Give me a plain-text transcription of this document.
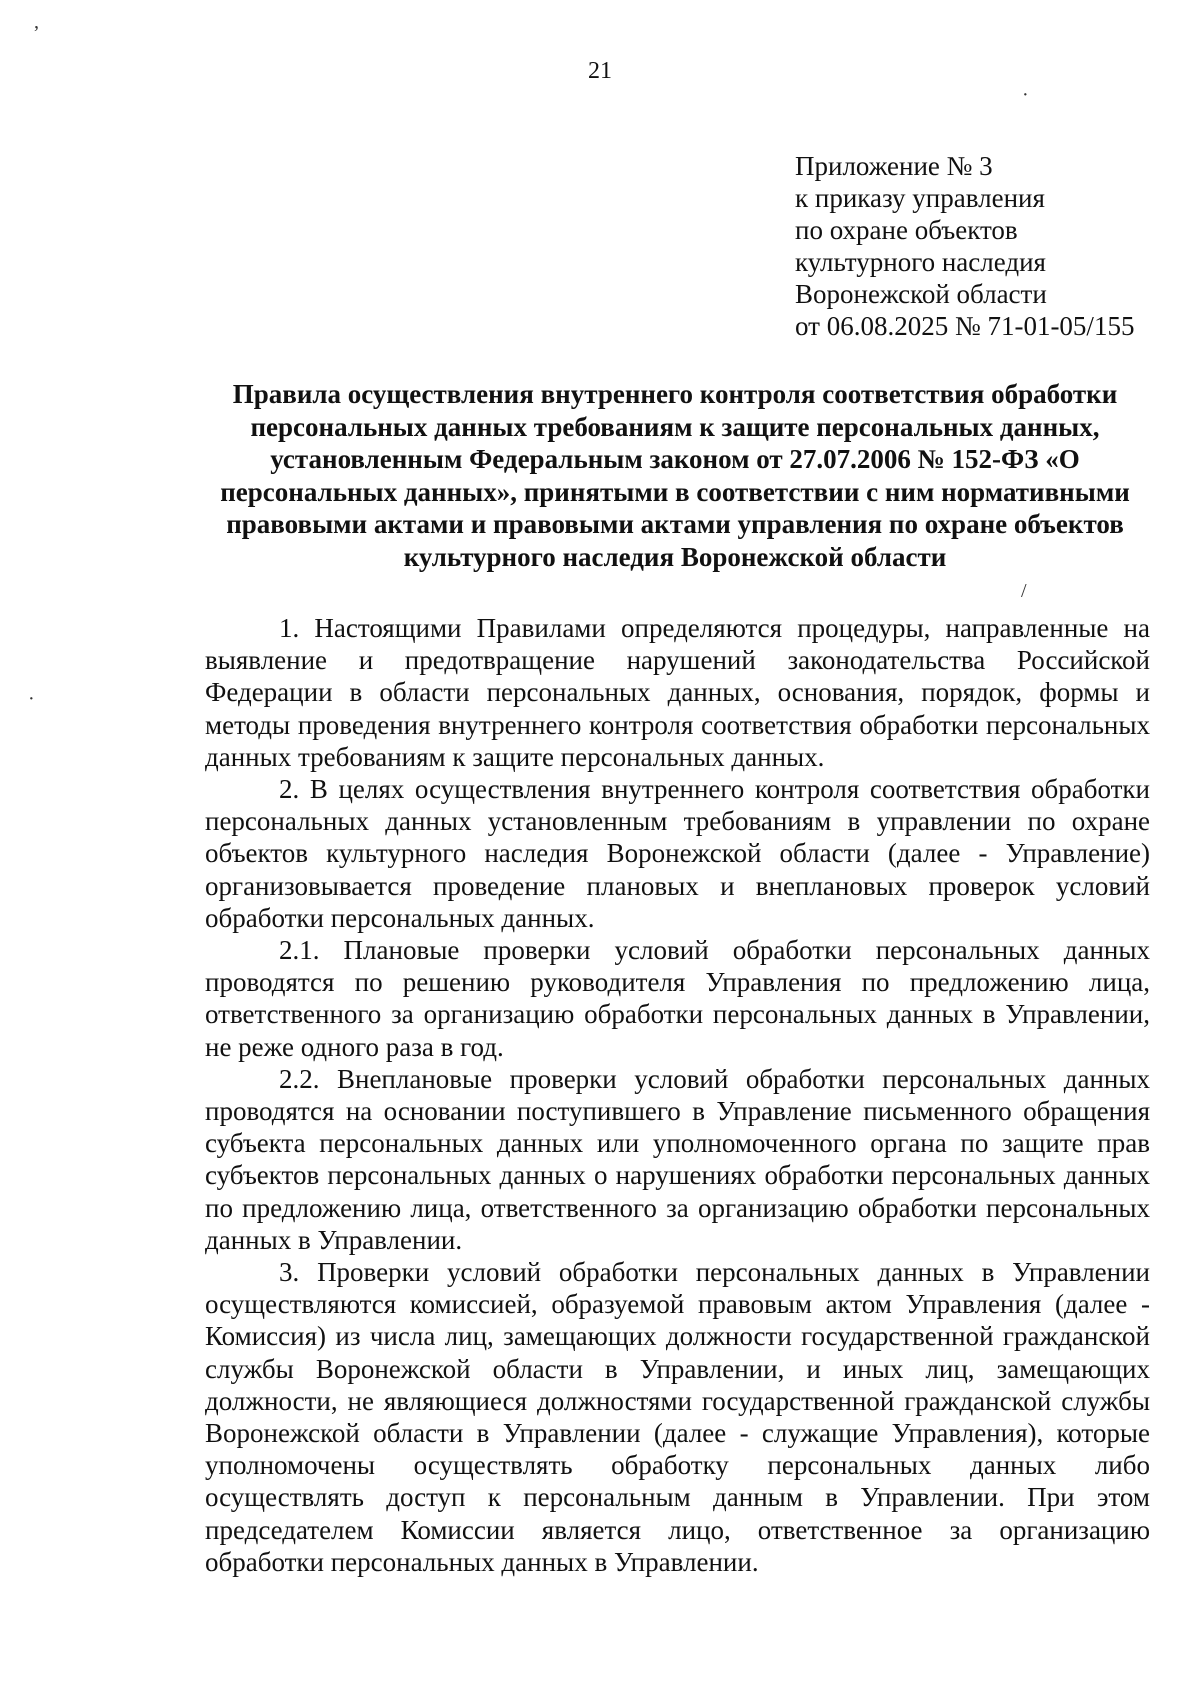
21
Приложение № 3
к приказу управления
по охране объектов
культурного наследия
Воронежской области
от 06.08.2025 № 71-01-05/155
Правила осуществления внутреннего контроля соответствия обработки персональных данных требованиям к защите персональных данных, установленным Федеральным законом от 27.07.2006 № 152-ФЗ «О персональных данных», принятыми в соответствии с ним нормативными правовыми актами и правовыми актами управления по охране объектов культурного наследия Воронежской области

1. Настоящими Правилами определяются процедуры, направленные на выявление и предотвращение нарушений законодательства Российской Федерации в области персональных данных, основания, порядок, формы и методы проведения внутреннего контроля соответствия обработки персональных данных требованиям к защите персональных данных.

2. В целях осуществления внутреннего контроля соответствия обработки персональных данных установленным требованиям в управлении по охране объектов культурного наследия Воронежской области (далее - Управление) организовывается проведение плановых и внеплановых проверок условий обработки персональных данных.

2.1. Плановые проверки условий обработки персональных данных проводятся по решению руководителя Управления по предложению лица, ответственного за организацию обработки персональных данных в Управлении, не реже одного раза в год.

2.2. Внеплановые проверки условий обработки персональных данных проводятся на основании поступившего в Управление письменного обращения субъекта персональных данных или уполномоченного органа по защите прав субъектов персональных данных о нарушениях обработки персональных данных по предложению лица, ответственного за организацию обработки персональных данных в Управлении.

3. Проверки условий обработки персональных данных в Управлении осуществляются комиссией, образуемой правовым актом Управления (далее - Комиссия) из числа лиц, замещающих должности государственной гражданской службы Воронежской области в Управлении, и иных лиц, замещающих должности, не являющиеся должностями государственной гражданской службы Воронежской области в Управлении (далее - служащие Управления), которые уполномочены осуществлять обработку персональных данных либо осуществлять доступ к персональным данным в Управлении. При этом председателем Комиссии является лицо, ответственное за организацию обработки персональных данных в Управлении.

’
·
/
·
